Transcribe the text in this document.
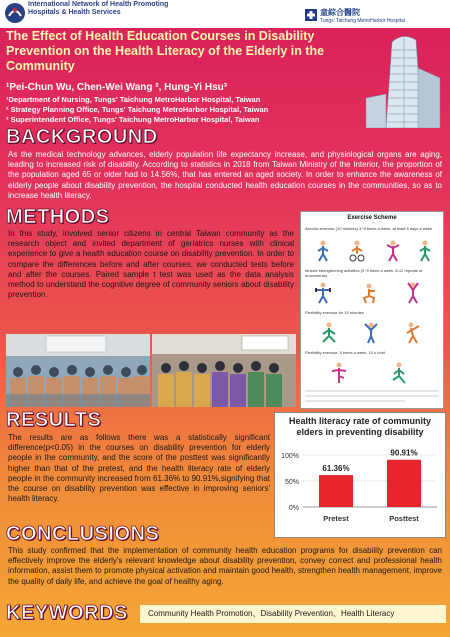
International Network of Health Promoting Hospitals & Health Services	童綜合醫院
Tungs' Taichung MetroHarbor Hospital
The Effect of Health Education Courses in Disability Prevention on the Health Literacy of the Elderly in the Community
¹Pei-Chun Wu, Chen-Wei Wang ², Hung-Yi Hsu³
¹Department of Nursing, Tungs' Taichung MetroHarbor Hospital, Taiwan
² Strategy Planning Office, Tungs' Taichung MetroHarbor Hospital, Taiwan
³ Superintendent Office, Tungs' Taichung MetroHarbor Hospital, Taiwan
BACKGROUND

As the medical technology advances, elderly population life expectancy increase, and physiological organs are aging, leading to increased risk of disability. According to statistics in 2018 from Taiwan Ministry of the Interior, the proportion of the population aged 65 or older had to 14.56%, that has entered an aged society. In order to enhance the awareness of elderly people about disability prevention, the hospital conducted health education courses in the communities, so as to increase health literacy.

METHODS

In this study, involved senior citizens in central Taiwan community as the research object and invited department of geriatrics nurses with clinical experience to give a health education course on disability prevention. In order to compare the differences before and after courses, we conducted tests before and after the courses. Paired sample t test was used as the data analysis method to understand the cognitive degree of community seniors about disability prevention.

Exercise Scheme
Aerobic exercise (10 minutes) 3~5 times a week, at least 5 days a week
Muscle strengthening activities (3~5 times a week, 8-12 repeats of movements)
Flexibility exercise for 10 minutes
Flexibility exercise, 5 times a week, 10 s hold
RESULTS

The results are as follows there was a statistically significant difference(p<0.05) in the courses on disability prevention for elderly people in the community, and the score of the posttest was significantly higher than that of the pretest, and the health literacy rate of elderly people in the community increased from 61.36% to 90.91%,signifying that the course on disability prevention was effective in improving seniors' health literacy.

Health literacy rate of community elders in preventing disability
100%
50%
0%
61.36%
90.91%
Pretest	Posttest
CONCLUSIONS

This study confirmed that the implementation of community health education programs for disability prevention can effectively improve the elderly's relevant knowledge about disability prevention, convey correct and professional health information, assist them to promote physical activation and maintain good health, strengthen health management, improve the quality of daily life, and achieve the goal of healthy aging.

KEYWORDS	Community Health Promotion、Disability Prevention、Health Literacy
